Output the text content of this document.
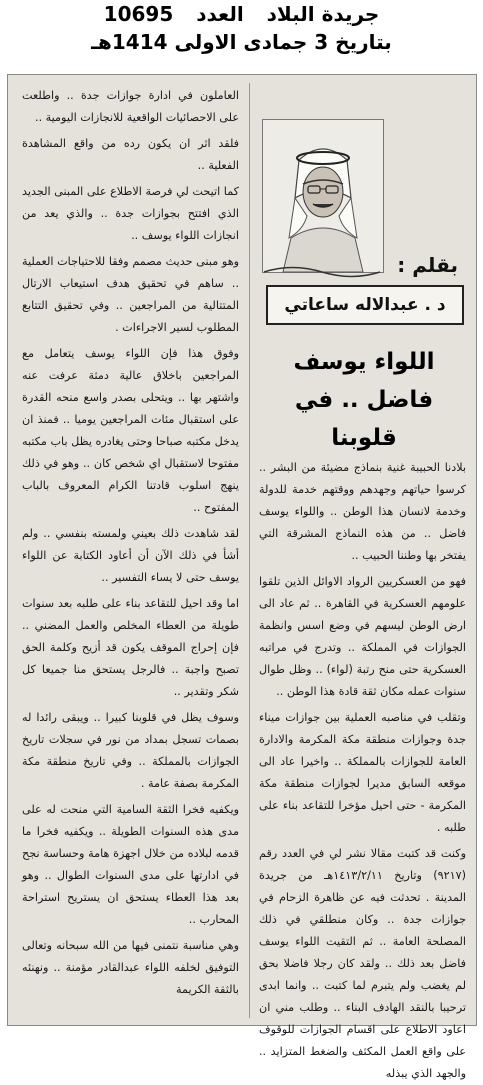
جريدة البلاد العدد 10695
بتاريخ 3 جمادى الاولى 1414هـ
بقلم :
د . عبدالاله ساعاتي
اللواء يوسف
فاضل .. في قلوبنا

بلادنا الحبيبة غنية بنماذج مضيئة من البشر .. كرسوا حياتهم وجهدهم ووقتهم خدمة للدولة وخدمة لانسان هذا الوطن .. واللواء يوسف فاضل .. من هذه النماذج المشرقة التي يفتخر بها وطننا الحبيب ..

فهو من العسكريين الرواد الاوائل الذين تلقوا علومهم العسكرية في القاهرة .. ثم عاد الى ارض الوطن ليسهم في وضع اسس وانظمة الجوازات في المملكة .. وتدرج في مراتبه العسكرية حتى منح رتبة (لواء) .. وظل طوال سنوات عمله مكان ثقة قادة هذا الوطن ..

وتقلب في مناصبه العملية بين جوازات ميناء جدة وجوازات منطقة مكة المكرمة والادارة العامة للجوازات بالمملكة .. واخيرا عاد الى موقعه السابق مديرا لجوازات منطقة مكة المكرمة - حتى احيل مؤخرا للتقاعد بناء على طلبه .

وكنت قد كتبت مقالا نشر لي في العدد رقم (٩٢١٧) وتاريخ ١٤١٣/٢/١١هـ من جريدة المدينة . تحدثت فيه عن ظاهرة الزحام في جوازات جدة .. وكان منطلقي في ذلك المصلحة العامة .. ثم التقيت اللواء يوسف فاضل بعد ذلك .. ولقد كان رجلا فاضلا بحق لم يغضب ولم يتبرم لما كتبت .. وانما ابدى ترحيبا بالنقد الهادف البناء .. وطلب مني ان اعاود الاطلاع على اقسام الجوازات للوقوف على واقع العمل المكثف والضغط المتزايد .. والجهد الذي يبذله

العاملون في ادارة جوازات جدة .. واطلعت على الاحصائيات الواقعية للانجازات اليومية ..

فلقد اثر ان يكون رده من واقع المشاهدة الفعلية ..

كما اتيحت لي فرصة الاطلاع على المبنى الجديد الذي افتتح بجوازات جدة .. والذي يعد من انجازات اللواء يوسف ..

وهو مبنى حديث مصمم وفقا للاحتياجات العملية .. ساهم في تحقيق هدف استيعاب الارتال المتتالية من المراجعين .. وفي تحقيق التتابع المطلوب لسير الاجراءات .

وفوق هذا فإن اللواء يوسف يتعامل مع المراجعين باخلاق عالية دمثة عرفت عنه واشتهر بها .. ويتحلى بصدر واسع منحه القدرة على استقبال مئات المراجعين يوميا .. فمنذ ان يدخل مكتبه صباحا وحتى يغادره يظل باب مكتبه مفتوحا لاستقبال اي شخص كان .. وهو في ذلك ينهج اسلوب قادتنا الكرام المعروف بالباب المفتوح ..

لقد شاهدت ذلك بعيني ولمسته بنفسي .. ولم أشأ في ذلك الآن أن أعاود الكتابة عن اللواء يوسف حتى لا يساء التفسير ..

اما وقد احيل للتقاعد بناء على طلبه بعد سنوات طويلة من العطاء المخلص والعمل المضني .. فإن إحراج الموقف يكون قد أزيح وكلمة الحق تصبح واجبة .. فالرجل يستحق منا جميعا كل شكر وتقدير ..

وسوف يظل في قلوبنا كبيرا .. ويبقى رائدا له بصمات تسجل بمداد من نور في سجلات تاريخ الجوازات بالمملكة .. وفي تاريخ منطقة مكة المكرمة بصفة عامة .

ويكفيه فخرا الثقة السامية التي منحت له على مدى هذه السنوات الطويلة .. ويكفيه فخرا ما قدمه لبلاده من خلال اجهزة هامة وحساسة نجح في ادارتها على مدى السنوات الطوال .. وهو بعد هذا العطاء يستحق ان يستريح استراحة المحارب ..

وهي مناسبة نتمنى فيها من الله سبحانه وتعالى التوفيق لخلفه اللواء عبدالقادر مؤمنة .. ونهنئه بالثقة الكريمة
